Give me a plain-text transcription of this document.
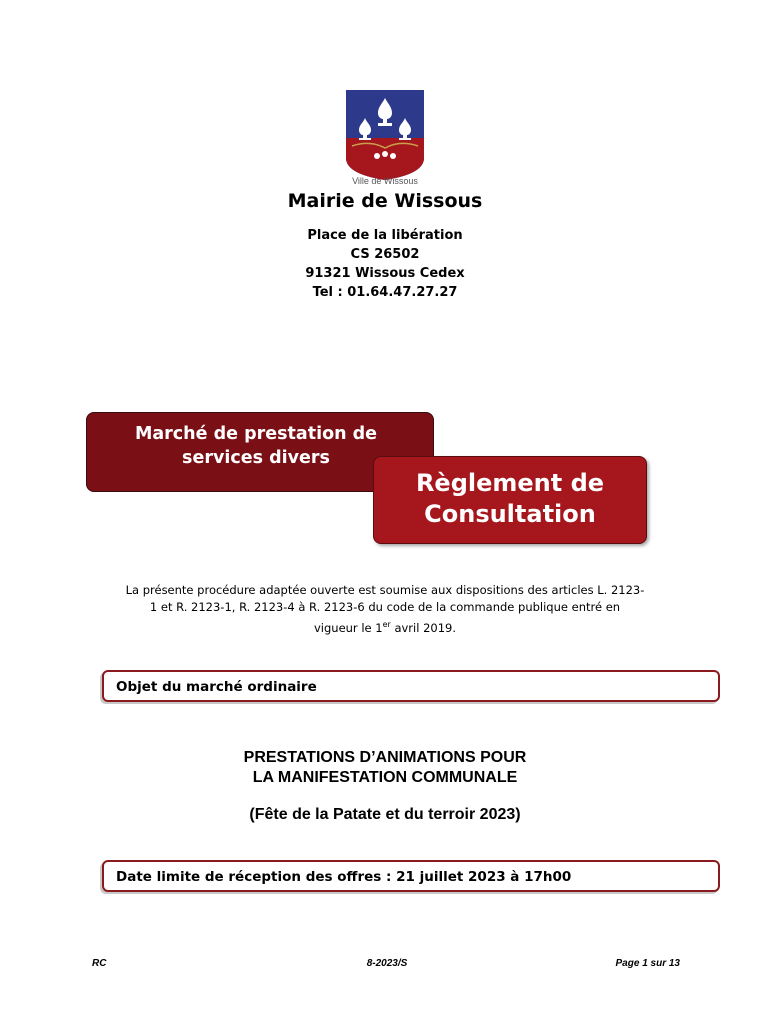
Ville de Wissous
Mairie de Wissous
Place de la libération
CS 26502
91321 Wissous Cedex
Tel : 01.64.47.27.27
Marché de prestation de
services divers
Règlement de
Consultation
La présente procédure adaptée ouverte est soumise aux dispositions des articles L. 2123-
1 et R. 2123-1, R. 2123-4 à R. 2123-6 du code de la commande publique entré en
vigueur le 1er avril 2019.
Objet du marché ordinaire
PRESTATIONS D’ANIMATIONS POUR
LA MANIFESTATION COMMUNALE
(Fête de la Patate et du terroir 2023)
Date limite de réception des offres : 21 juillet 2023 à 17h00
RC	8-2023/S	Page 1 sur 13
